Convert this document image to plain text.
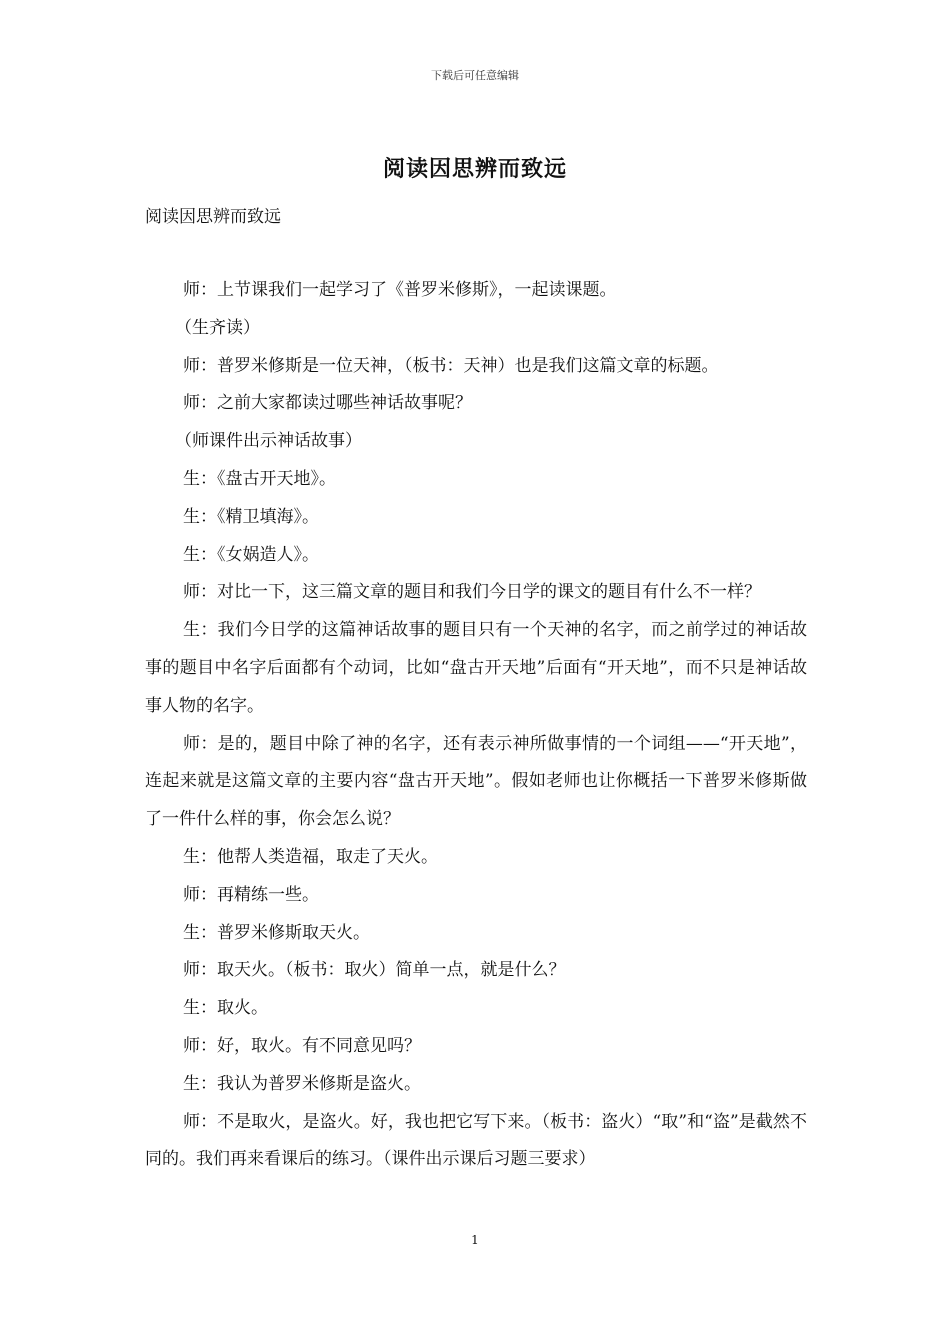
下载后可任意编辑
阅读因思辨而致远
阅读因思辨而致远

师：上节课我们一起学习了《普罗米修斯》，一起读课题。

（生齐读）

师：普罗米修斯是一位天神，（板书：天神）也是我们这篇文章的标题。

师：之前大家都读过哪些神话故事呢？

（师课件出示神话故事）

生：《盘古开天地》。

生：《精卫填海》。

生：《女娲造人》。

师：对比一下，这三篇文章的题目和我们今日学的课文的题目有什么不一样？

生：我们今日学的这篇神话故事的题目只有一个天神的名字，而之前学过的神话故事的题目中名字后面都有个动词，比如“盘古开天地”后面有“开天地”，而不只是神话故事人物的名字。

师：是的，题目中除了神的名字，还有表示神所做事情的一个词组——“开天地”，连起来就是这篇文章的主要内容“盘古开天地”。假如老师也让你概括一下普罗米修斯做了一件什么样的事，你会怎么说？

生：他帮人类造福，取走了天火。

师：再精练一些。

生：普罗米修斯取天火。

师：取天火。（板书：取火）简单一点，就是什么？

生：取火。

师：好，取火。有不同意见吗？

生：我认为普罗米修斯是盗火。

师：不是取火，是盗火。好，我也把它写下来。（板书：盗火）“取”和“盗”是截然不同的。我们再来看课后的练习。（课件出示课后习题三要求）

1
